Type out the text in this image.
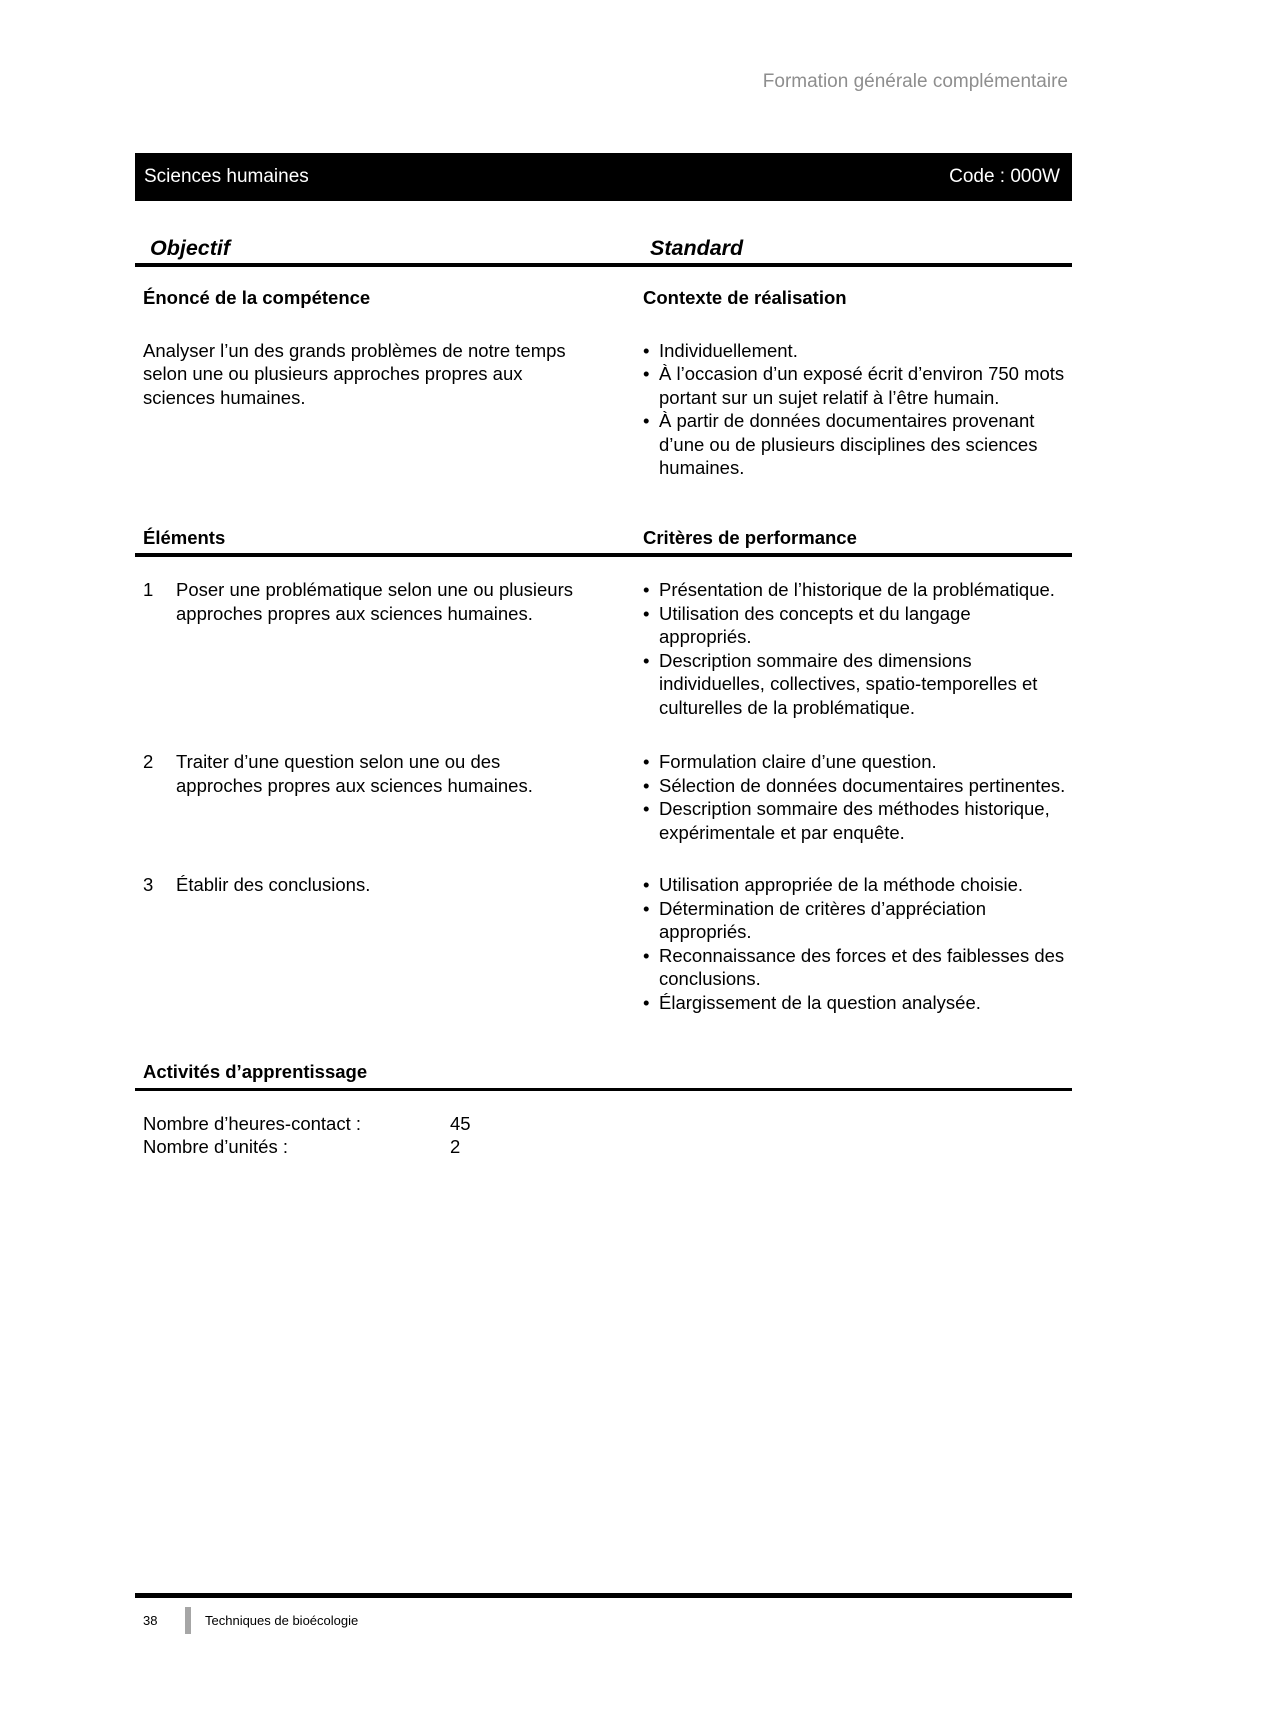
Formation générale complémentaire
Sciences humaines	Code : 000W
Objectif	Standard
Énoncé de la compétence	Contexte de réalisation

Analyser l’un des grands problèmes de notre temps selon une ou plusieurs approches propres aux sciences humaines.

• Individuellement.
• À l’occasion d’un exposé écrit d’environ 750 mots portant sur un sujet relatif à l’être humain.
• À partir de données documentaires provenant d’une ou de plusieurs disciplines des sciences humaines.
Éléments	Critères de performance
1	Poser une problématique selon une ou plusieurs approches propres aux sciences humaines.
• Présentation de l’historique de la problématique.
• Utilisation des concepts et du langage appropriés.
• Description sommaire des dimensions individuelles, collectives, spatio-temporelles et culturelles de la problématique.
2	Traiter d’une question selon une ou des approches propres aux sciences humaines.
• Formulation claire d’une question.
• Sélection de données documentaires pertinentes.
• Description sommaire des méthodes historique, expérimentale et par enquête.
3	Établir des conclusions.	• Utilisation appropriée de la méthode choisie.
• Détermination de critères d’appréciation appropriés.
• Reconnaissance des forces et des faiblesses des conclusions.
• Élargissement de la question analysée.
Activités d’apprentissage
Nombre d’heures-contact :	45
Nombre d’unités :	2
38	Techniques de bioécologie
